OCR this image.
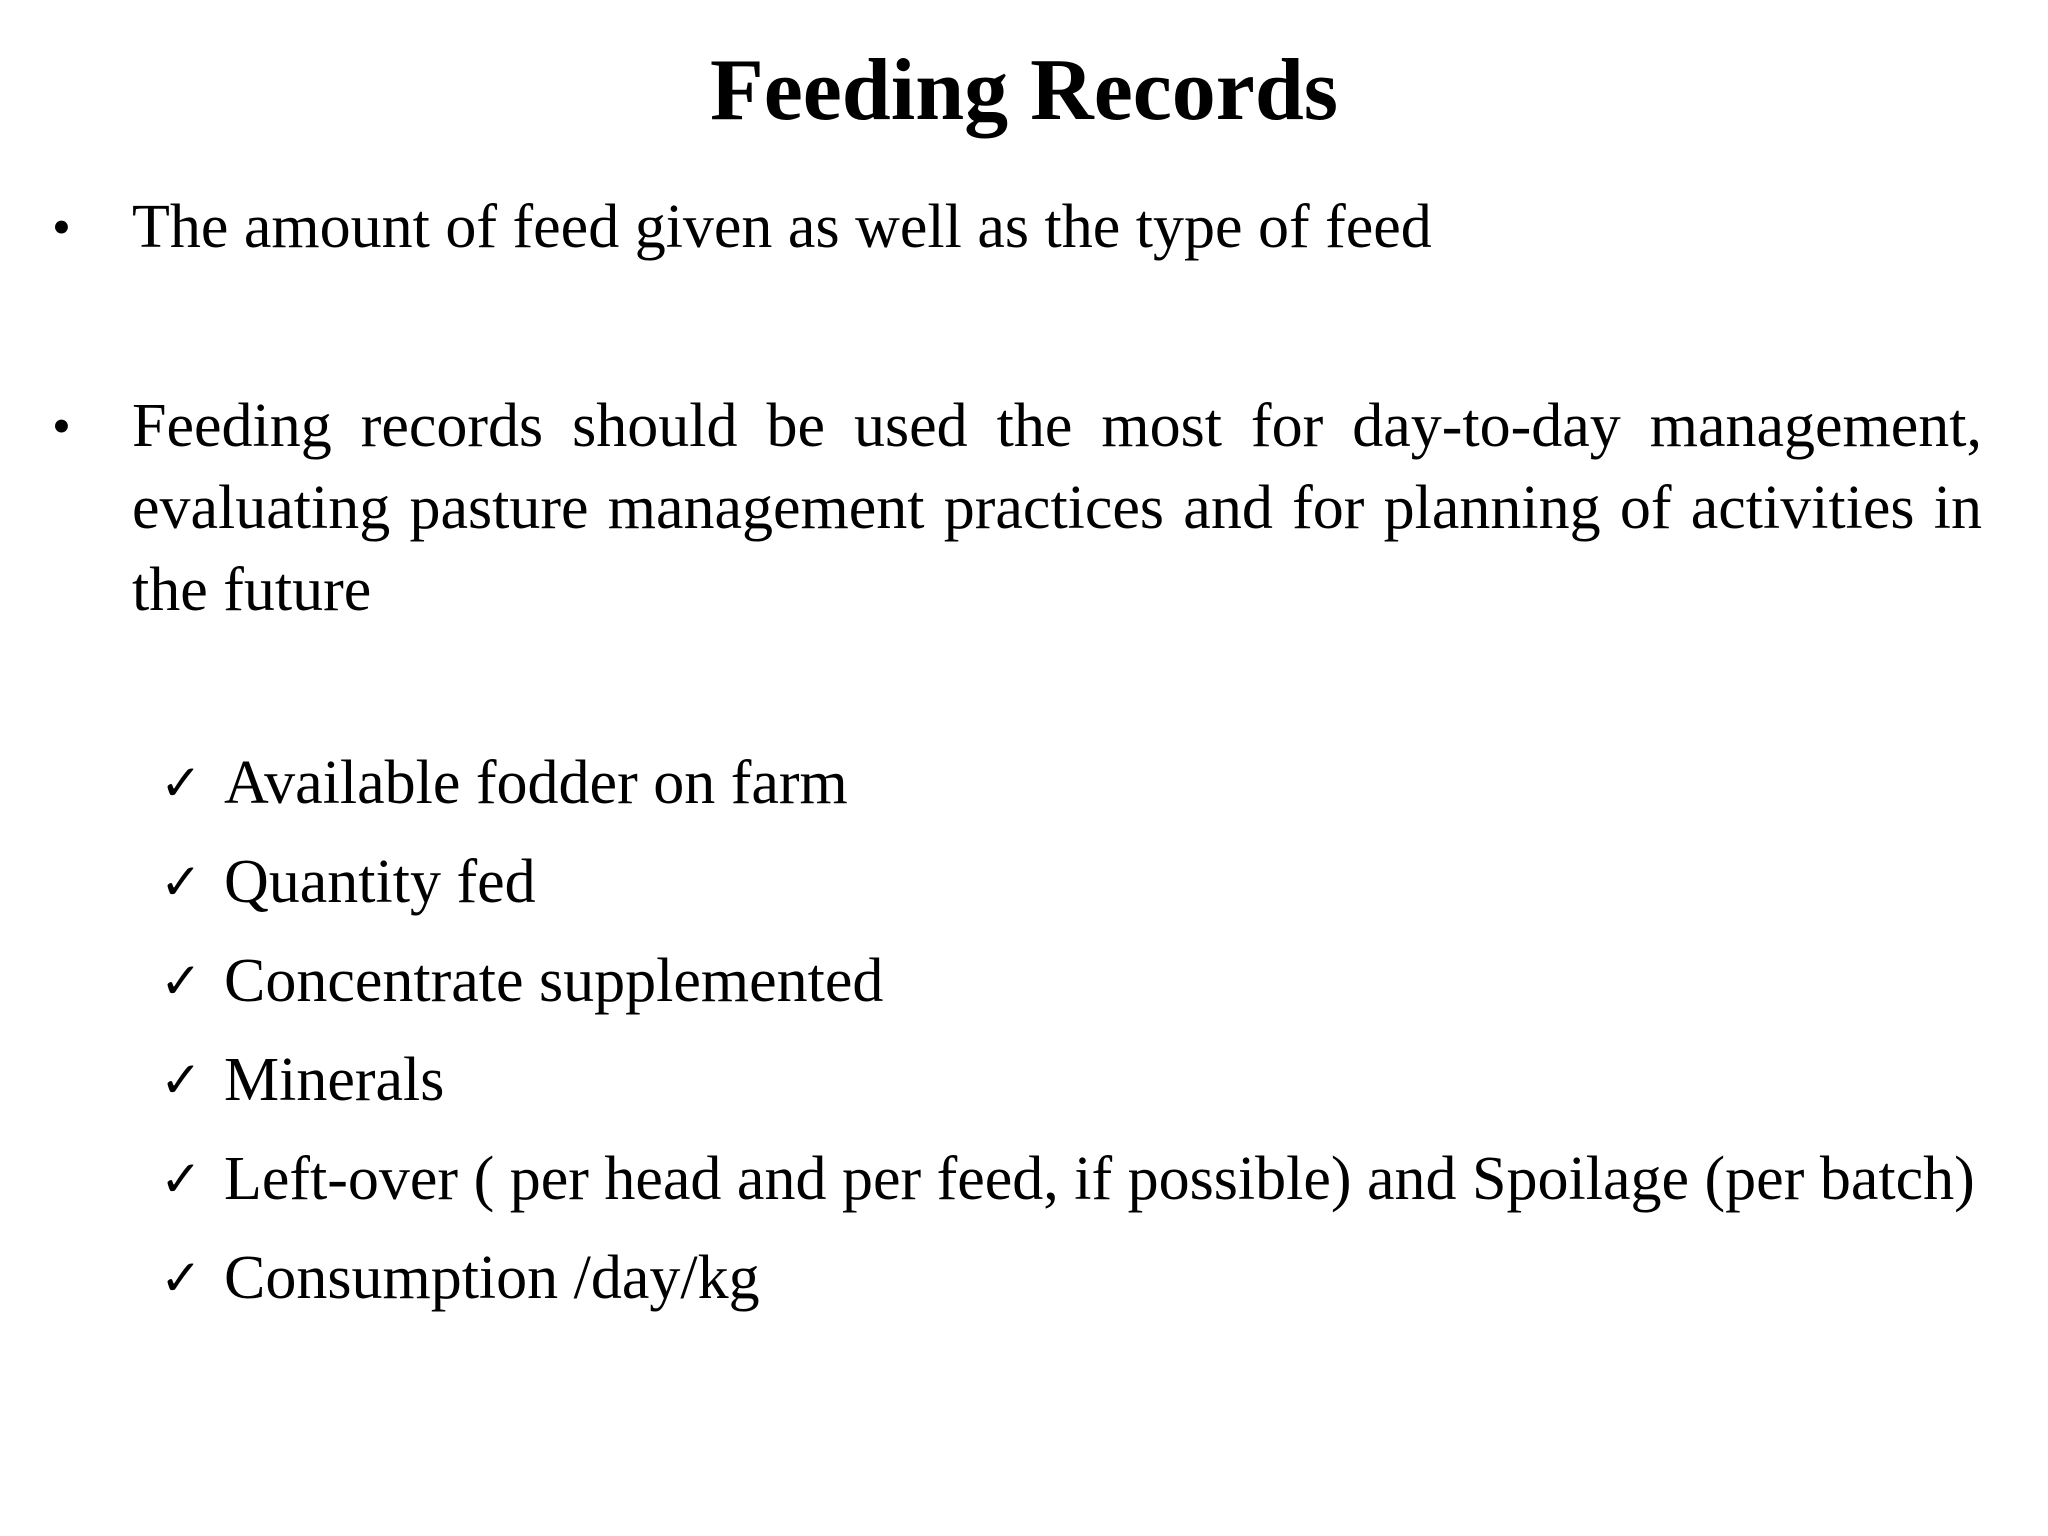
Feeding Records
• The amount of feed given as well as the type of feed
• Feeding records should be used the most for day-to-day management, evaluating pasture management practices and for planning of activities in the future
✓ Available fodder on farm
✓ Quantity fed
✓ Concentrate supplemented
✓ Minerals
✓ Left-over ( per head and per feed, if possible) and Spoilage (per batch)
✓ Consumption /day/kg
